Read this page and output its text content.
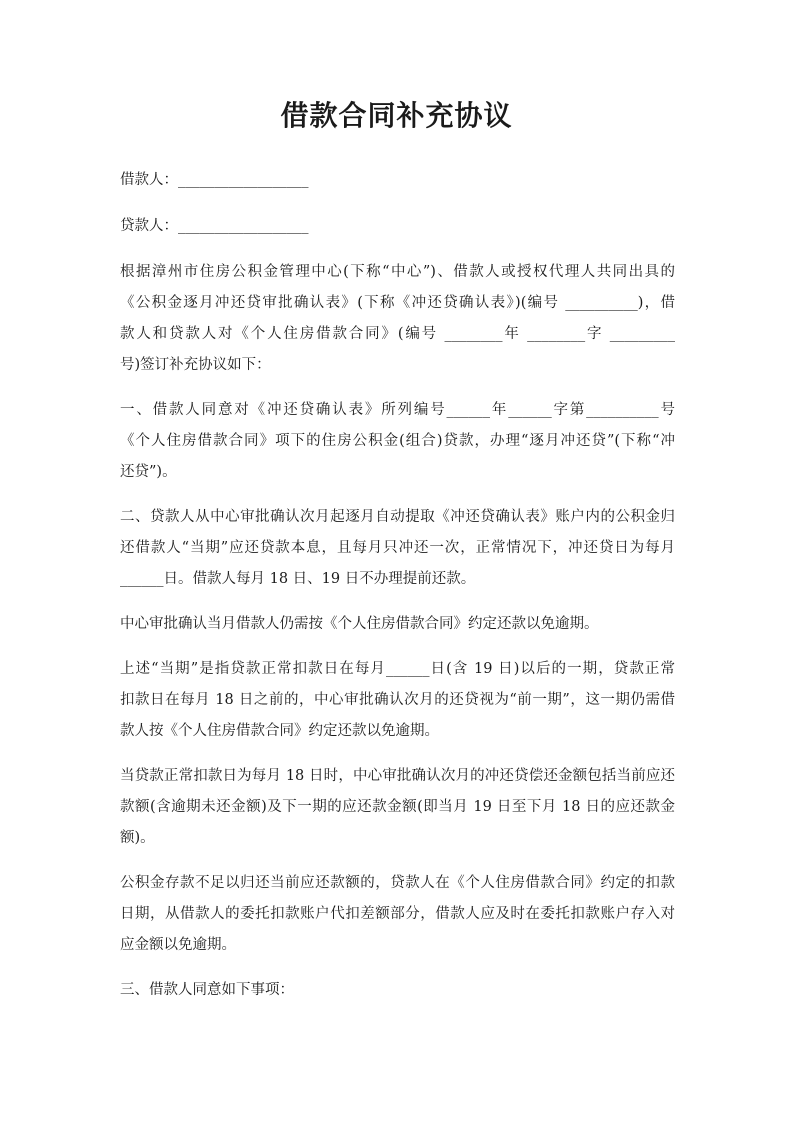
借款合同补充协议
借款人：__________________
贷款人：__________________
根据漳州市住房公积金管理中心(下称“中心”)、借款人或授权代理人共同出具的
《公积金逐月冲还贷审批确认表》(下称《冲还贷确认表》)(编号 __________)，借
款人和贷款人对《个人住房借款合同》(编号 ________年 ________字 _________
号)签订补充协议如下：
一、借款人同意对《冲还贷确认表》所列编号______年______字第__________号
《个人住房借款合同》项下的住房公积金(组合)贷款，办理“逐月冲还贷”(下称“冲
还贷”)。
二、贷款人从中心审批确认次月起逐月自动提取《冲还贷确认表》账户内的公积金归
还借款人“当期”应还贷款本息，且每月只冲还一次，正常情况下，冲还贷日为每月
______日。借款人每月 18 日、19 日不办理提前还款。
中心审批确认当月借款人仍需按《个人住房借款合同》约定还款以免逾期。
上述“当期”是指贷款正常扣款日在每月______日(含 19 日)以后的一期，贷款正常
扣款日在每月 18 日之前的，中心审批确认次月的还贷视为“前一期”，这一期仍需借
款人按《个人住房借款合同》约定还款以免逾期。
当贷款正常扣款日为每月 18 日时，中心审批确认次月的冲还贷偿还金额包括当前应还
款额(含逾期未还金额)及下一期的应还款金额(即当月 19 日至下月 18 日的应还款金
额)。
公积金存款不足以归还当前应还款额的，贷款人在《个人住房借款合同》约定的扣款
日期，从借款人的委托扣款账户代扣差额部分，借款人应及时在委托扣款账户存入对
应金额以免逾期。
三、借款人同意如下事项：
